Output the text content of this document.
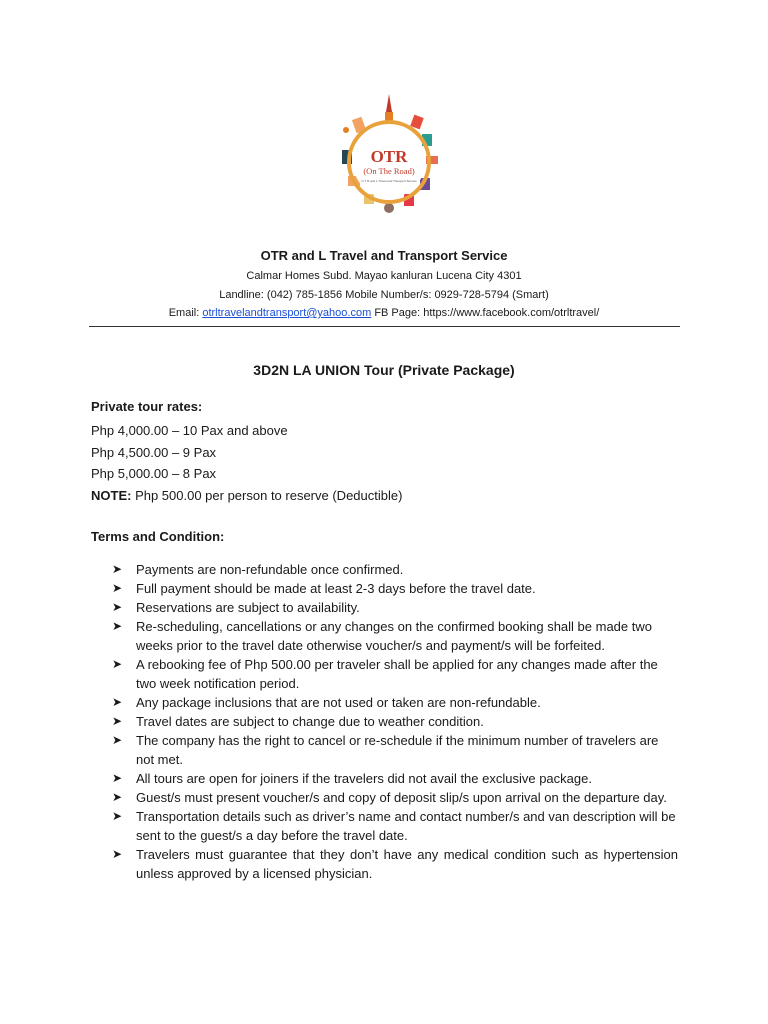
OTR
(On The Road)
O T R and L Travel and Transport Service
OTR and L Travel and Transport Service
Calmar Homes Subd. Mayao kanluran Lucena City 4301
Landline: (042) 785-1856 Mobile Number/s: 0929-728-5794 (Smart)
Email: otrltravelandtransport@yahoo.com FB Page: https://www.facebook.com/otrltravel/
3D2N LA UNION Tour (Private Package)
Private tour rates:
Php 4,000.00 – 10 Pax and above
Php 4,500.00 – 9 Pax
Php 5,000.00 – 8 Pax
NOTE: Php 500.00 per person to reserve (Deductible)
Terms and Condition:
➤ Payments are non-refundable once confirmed.
➤ Full payment should be made at least 2-3 days before the travel date.
➤ Reservations are subject to availability.
➤ Re-scheduling, cancellations or any changes on the confirmed booking shall be made two weeks prior to the travel date otherwise voucher/s and payment/s will be forfeited.
➤ A rebooking fee of Php 500.00 per traveler shall be applied for any changes made after the two week notification period.
➤ Any package inclusions that are not used or taken are non-refundable.
➤ Travel dates are subject to change due to weather condition.
➤ The company has the right to cancel or re-schedule if the minimum number of travelers are not met.
➤ All tours are open for joiners if the travelers did not avail the exclusive package.
➤ Guest/s must present voucher/s and copy of deposit slip/s upon arrival on the departure day.
➤ Transportation details such as driver’s name and contact number/s and van description will be sent to the guest/s a day before the travel date.
➤ Travelers must guarantee that they don’t have any medical condition such as hypertension unless approved by a licensed physician.
